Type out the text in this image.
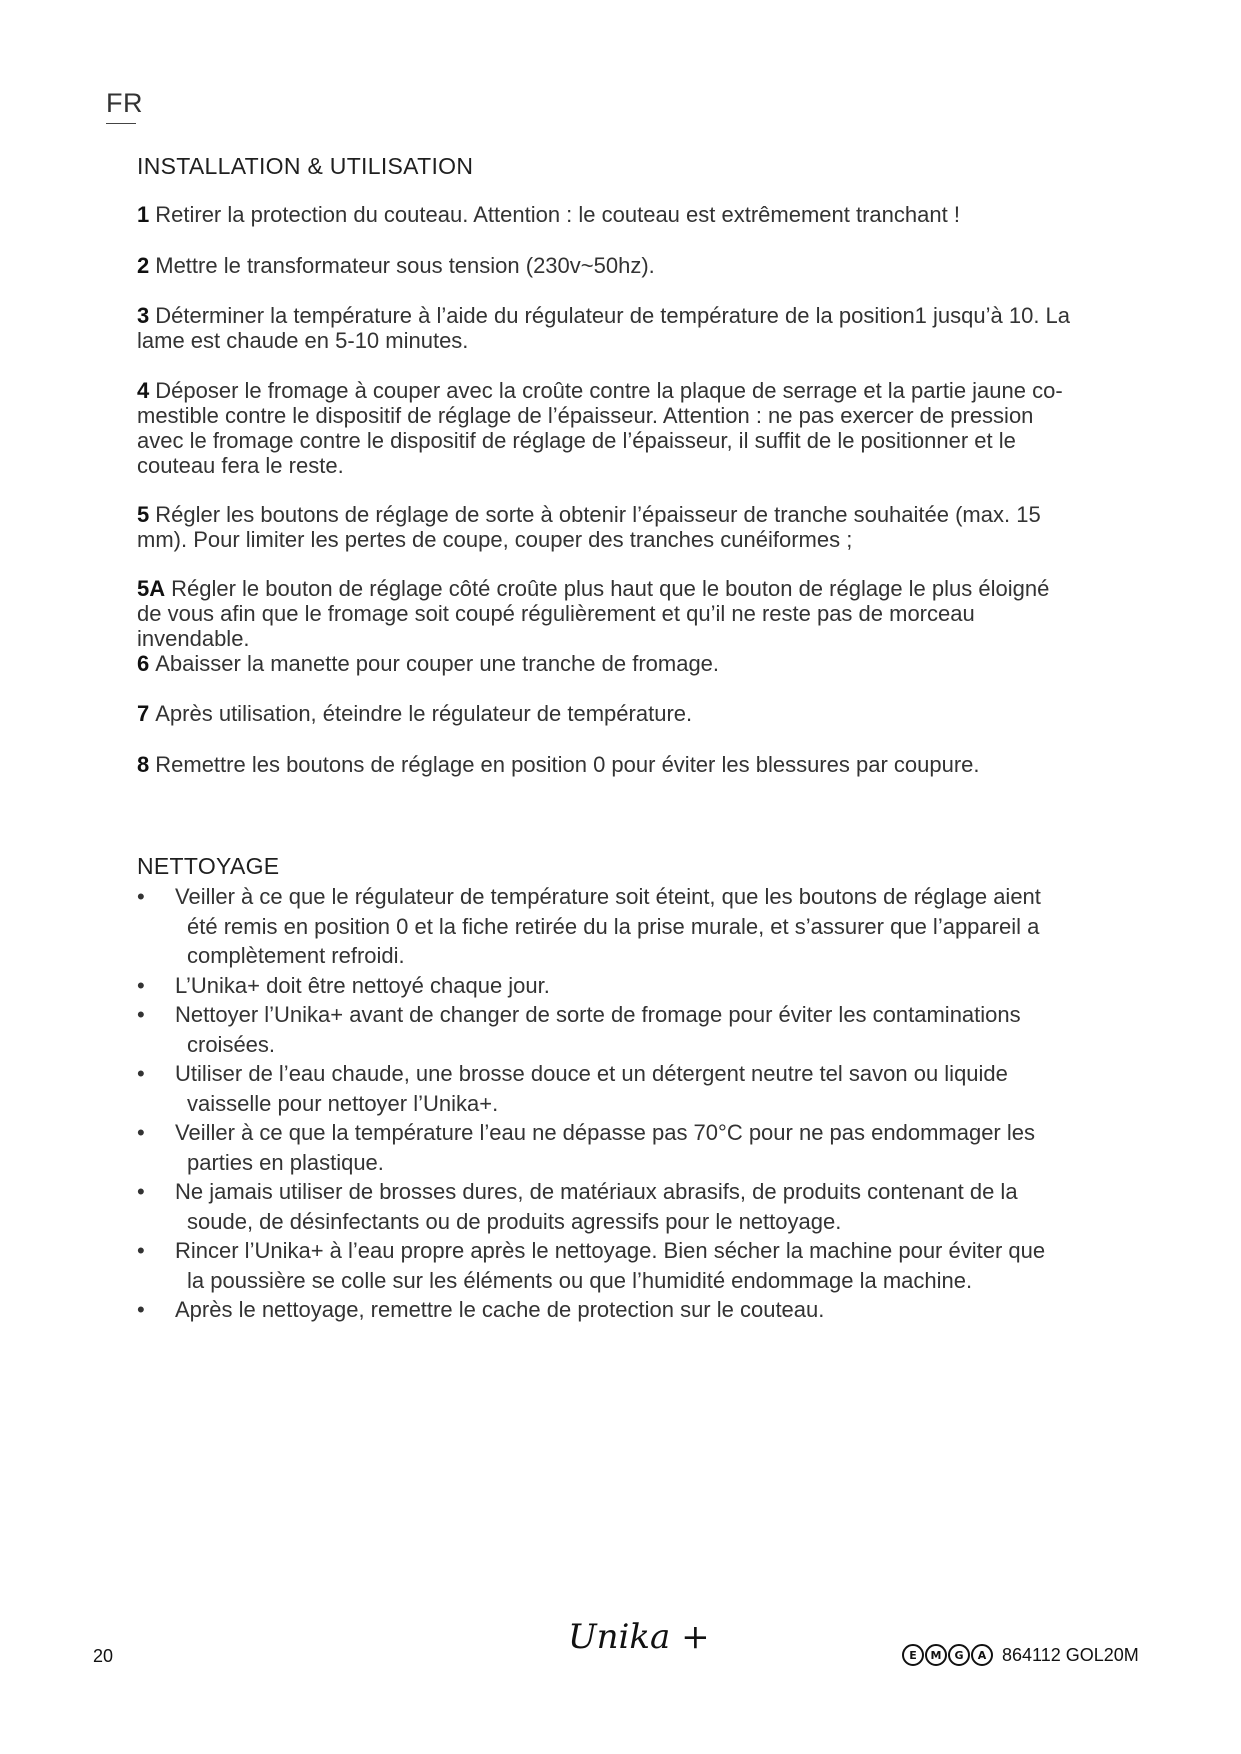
FR
INSTALLATION & UTILISATION
1 Retirer la protection du couteau. Attention : le couteau est extrêmement tranchant !
2 Mettre le transformateur sous tension (230v~50hz).
3 Déterminer la température à l’aide du régulateur de température de la position1 jusqu’à 10. La lame est chaude en 5-10 minutes.
4 Déposer le fromage à couper avec la croûte contre la plaque de serrage et la partie jaune co-mestible contre le dispositif de réglage de l’épaisseur. Attention : ne pas exercer de pression avec le fromage contre le dispositif de réglage de l’épaisseur, il suffit de le positionner et le couteau fera le reste.
5 Régler les boutons de réglage de sorte à obtenir l’épaisseur de tranche souhaitée (max. 15 mm). Pour limiter les pertes de coupe, couper des tranches cunéiformes ;
5A Régler le bouton de réglage côté croûte plus haut que le bouton de réglage le plus éloigné de vous afin que le fromage soit coupé régulièrement et qu’il ne reste pas de morceau invendable.
6 Abaisser la manette pour couper une tranche de fromage.
7 Après utilisation, éteindre le régulateur de température.
8 Remettre les boutons de réglage en position 0 pour éviter les blessures par coupure.
NETTOYAGE
•	Veiller à ce que le régulateur de température soit éteint, que les boutons de réglage aient été remis en position 0 et la fiche retirée du la prise murale, et s’assurer que l’appareil a complètement refroidi.
•	L’Unika+ doit être nettoyé chaque jour.
•	Nettoyer l’Unika+ avant de changer de sorte de fromage pour éviter les contaminations croisées.
•	Utiliser de l’eau chaude, une brosse douce et un détergent neutre tel savon ou liquide vaisselle pour nettoyer l’Unika+.
•	Veiller à ce que la température l’eau ne dépasse pas 70°C pour ne pas endommager les parties en plastique.
•	Ne jamais utiliser de brosses dures, de matériaux abrasifs, de produits contenant de la soude, de désinfectants ou de produits agressifs pour le nettoyage.
•	Rincer l’Unika+ à l’eau propre après le nettoyage. Bien sécher la machine pour éviter que la poussière se colle sur les éléments ou que l’humidité endommage la machine.
•	Après le nettoyage, remettre le cache de protection sur le couteau.
20	Unika +	E	M	G	A 864112 GOL20M
